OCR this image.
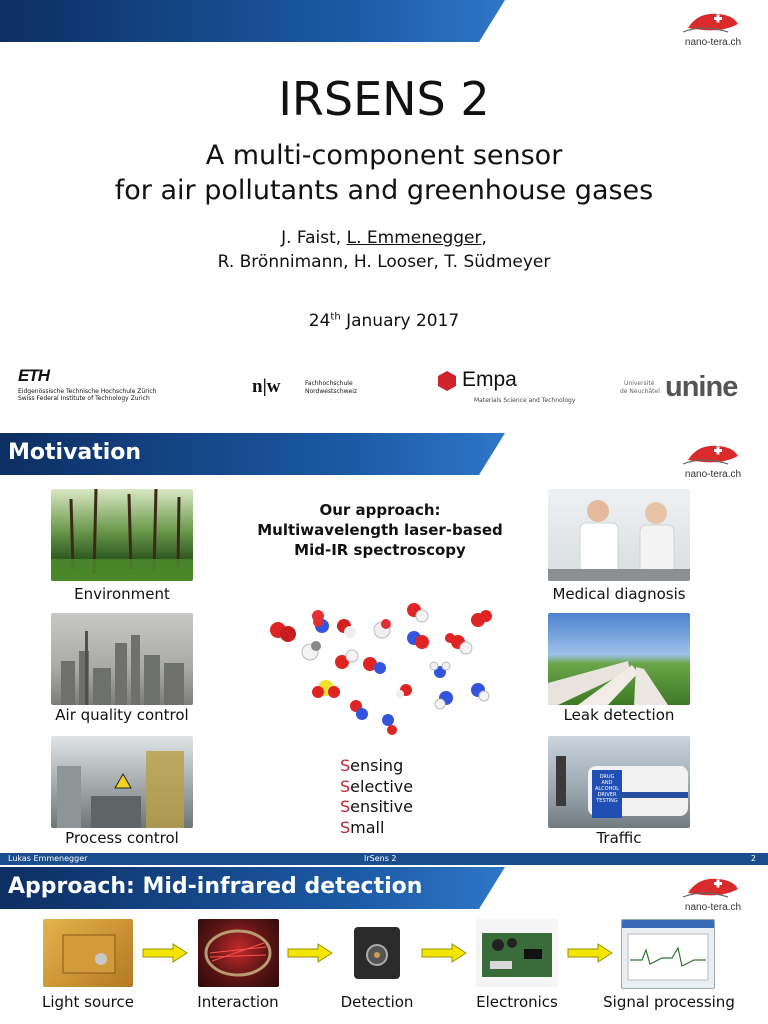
nano-tera.ch
IRSENS 2
A multi-component sensor
for air pollutants and greenhouse gases
J. Faist, L. Emmenegger,
R. Brönnimann, H. Looser, T. Südmeyer
24th January 2017
ETH
Eidgenössische Technische Hochschule Zürich
Swiss Federal Institute of Technology Zurich
n|w	Fachhochschule
Nordwestschweiz
Empa
Materials Science and Technology
Université
de Neuchâtel unine
Motivation
nano-tera.ch
Environment
Air quality control
Process control
Our approach:
Multiwavelength laser-based
Mid-IR spectroscopy
Sensing
Selective
Sensitive
Small
Medical diagnosis
Leak detection
DRUG AND ALCOHOL DRIVER TESTING
Traffic
Lukas Emmenegger	IrSens 2	2
Approach: Mid-infrared detection
nano-tera.ch
Light source	Interaction	Detection	Electronics	Signal processing
